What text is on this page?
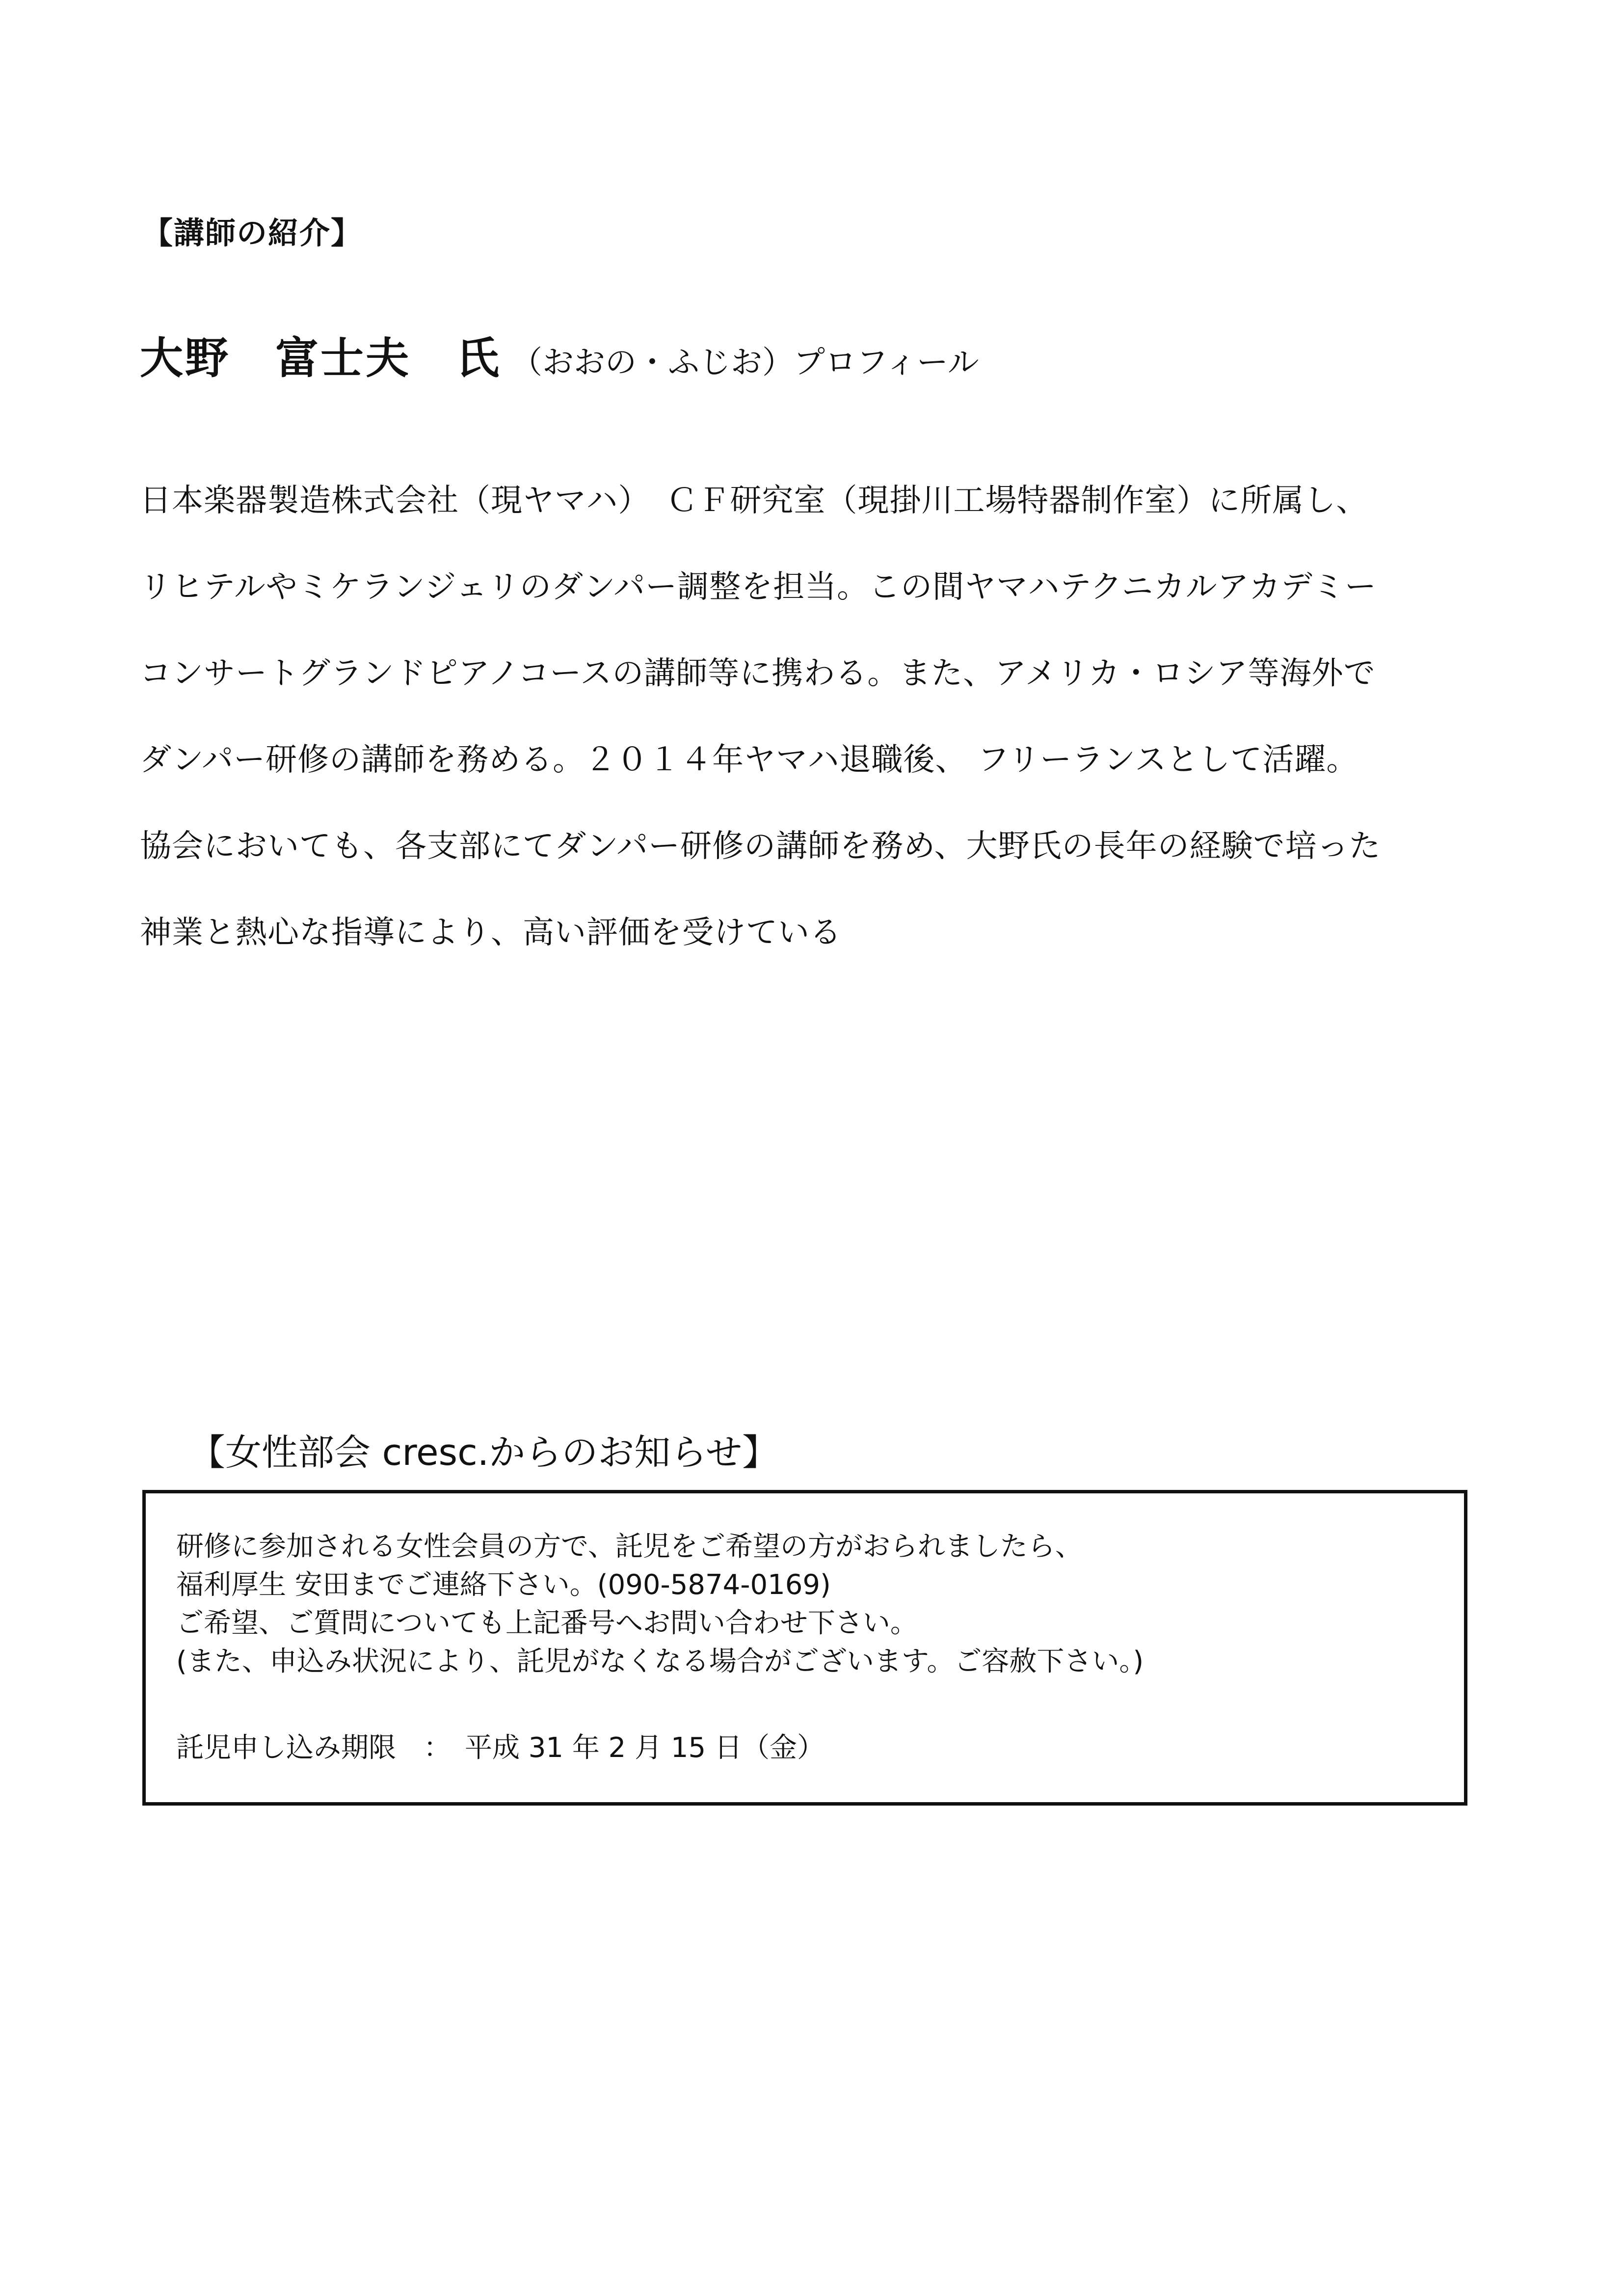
【講師の紹介】
大野　富士夫　氏 （おおの・ふじお）プロフィール
日本楽器製造株式会社（現ヤマハ）　ＣＦ研究室（現掛川工場特器制作室）に所属し、
リヒテルやミケランジェリのダンパー調整を担当。この間ヤマハテクニカルアカデミー
コンサートグランドピアノコースの講師等に携わる。また、アメリカ・ロシア等海外で
ダンパー研修の講師を務める。２０１４年ヤマハ退職後、 フリーランスとして活躍。
協会においても、各支部にてダンパー研修の講師を務め、大野氏の長年の経験で培った
神業と熱心な指導により、高い評価を受けている
【女性部会 cresc.からのお知らせ】
研修に参加される女性会員の方で、託児をご希望の方がおられましたら、
福利厚生 安田までご連絡下さい。(090-5874-0169)
ご希望、ご質問についても上記番号へお問い合わせ下さい。
(また、申込み状況により、託児がなくなる場合がございます。ご容赦下さい。)
託児申し込み期限　：　平成 31 年 2 月 15 日（金）
